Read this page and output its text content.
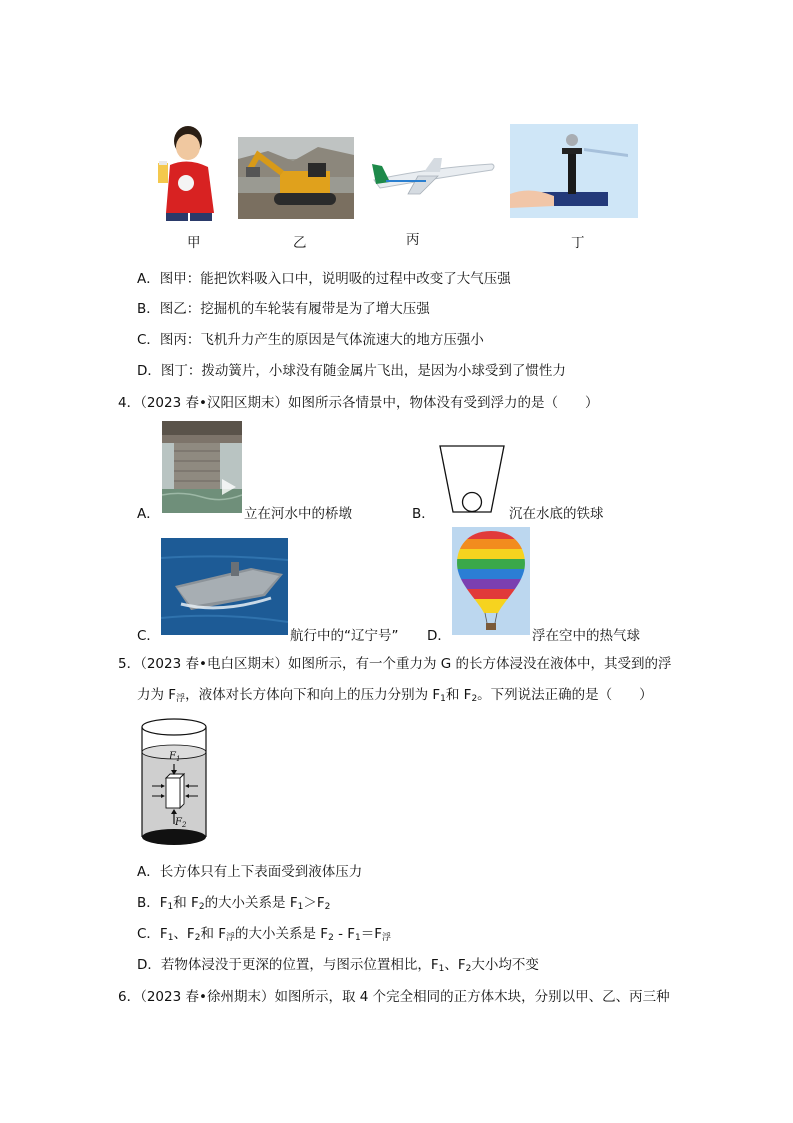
甲	乙	丙	丁
A．图甲：能把饮料吸入口中，说明吸的过程中改变了大气压强
B．图乙：挖掘机的车轮装有履带是为了增大压强
C．图丙：飞机升力产生的原因是气体流速大的地方压强小
D．图丁：拨动簧片，小球没有随金属片飞出，是因为小球受到了惯性力
4．（2023 春•汉阳区期末）如图所示各情景中，物体没有受到浮力的是（　　）
A．	立在河水中的桥墩	B．	沉在水底的铁球
C．	航行中的“辽宁号” D．	浮在空中的热气球
5．（2023 春•电白区期末）如图所示，有一个重力为 G 的长方体浸没在液体中，其受到的浮
力为 $F_浮$，液体对长方体向下和向上的压力分别为 $F_1$和 $F_2$。下列说法正确的是（　　）
$F_1$
$F_2$
A．长方体只有上下表面受到液体压力
B．$F_1$和 $F_2$的大小关系是 $F_1>F_2$
C．$F_1$、$F_2$和 $F_浮$的大小关系是 $F_2 - F_1=F_浮$
D．若物体浸没于更深的位置，与图示位置相比，$F_1$、$F_2$大小均不变
6．（2023 春•徐州期末）如图所示，取 4 个完全相同的正方体木块，分别以甲、乙、丙三种
